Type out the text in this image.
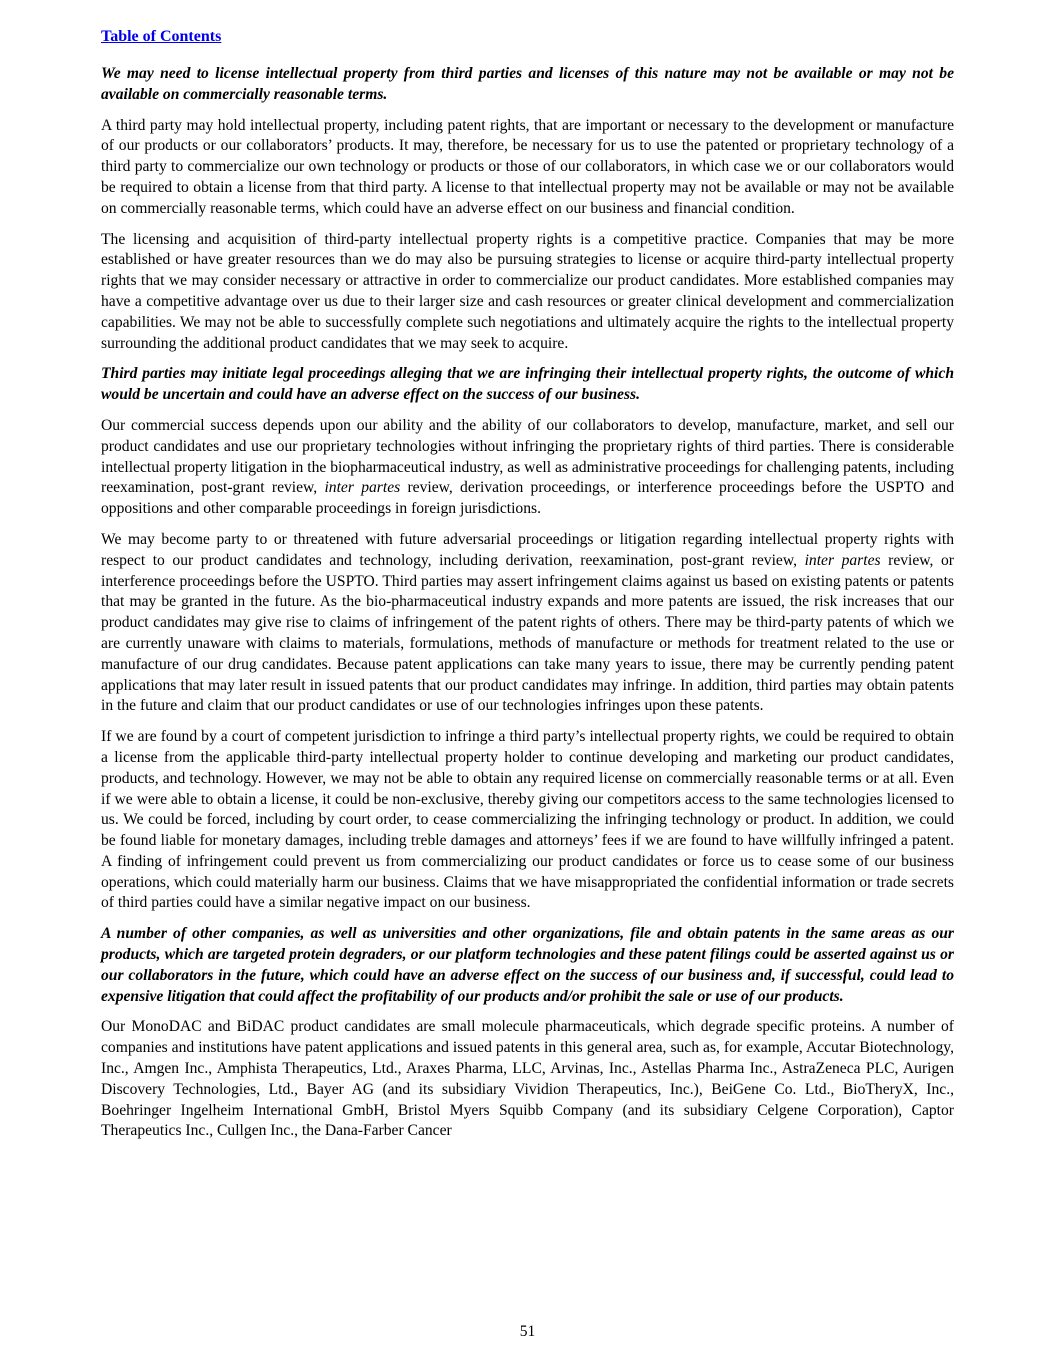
Table of Contents

We may need to license intellectual property from third parties and licenses of this nature may not be available or may not be available on commercially reasonable terms.

A third party may hold intellectual property, including patent rights, that are important or necessary to the development or manufacture of our products or our collaborators’ products. It may, therefore, be necessary for us to use the patented or proprietary technology of a third party to commercialize our own technology or products or those of our collaborators, in which case we or our collaborators would be required to obtain a license from that third party. A license to that intellectual property may not be available or may not be available on commercially reasonable terms, which could have an adverse effect on our business and financial condition.

The licensing and acquisition of third-party intellectual property rights is a competitive practice. Companies that may be more established or have greater resources than we do may also be pursuing strategies to license or acquire third-party intellectual property rights that we may consider necessary or attractive in order to commercialize our product candidates. More established companies may have a competitive advantage over us due to their larger size and cash resources or greater clinical development and commercialization capabilities. We may not be able to successfully complete such negotiations and ultimately acquire the rights to the intellectual property surrounding the additional product candidates that we may seek to acquire.

Third parties may initiate legal proceedings alleging that we are infringing their intellectual property rights, the outcome of which would be uncertain and could have an adverse effect on the success of our business.

Our commercial success depends upon our ability and the ability of our collaborators to develop, manufacture, market, and sell our product candidates and use our proprietary technologies without infringing the proprietary rights of third parties. There is considerable intellectual property litigation in the biopharmaceutical industry, as well as administrative proceedings for challenging patents, including reexamination, post-grant review, inter partes review, derivation proceedings, or interference proceedings before the USPTO and oppositions and other comparable proceedings in foreign jurisdictions.

We may become party to or threatened with future adversarial proceedings or litigation regarding intellectual property rights with respect to our product candidates and technology, including derivation, reexamination, post-grant review, inter partes review, or interference proceedings before the USPTO. Third parties may assert infringement claims against us based on existing patents or patents that may be granted in the future. As the bio-pharmaceutical industry expands and more patents are issued, the risk increases that our product candidates may give rise to claims of infringement of the patent rights of others. There may be third-party patents of which we are currently unaware with claims to materials, formulations, methods of manufacture or methods for treatment related to the use or manufacture of our drug candidates. Because patent applications can take many years to issue, there may be currently pending patent applications that may later result in issued patents that our product candidates may infringe. In addition, third parties may obtain patents in the future and claim that our product candidates or use of our technologies infringes upon these patents.

If we are found by a court of competent jurisdiction to infringe a third party’s intellectual property rights, we could be required to obtain a license from the applicable third-party intellectual property holder to continue developing and marketing our product candidates, products, and technology. However, we may not be able to obtain any required license on commercially reasonable terms or at all. Even if we were able to obtain a license, it could be non-exclusive, thereby giving our competitors access to the same technologies licensed to us. We could be forced, including by court order, to cease commercializing the infringing technology or product. In addition, we could be found liable for monetary damages, including treble damages and attorneys’ fees if we are found to have willfully infringed a patent. A finding of infringement could prevent us from commercializing our product candidates or force us to cease some of our business operations, which could materially harm our business. Claims that we have misappropriated the confidential information or trade secrets of third parties could have a similar negative impact on our business.

A number of other companies, as well as universities and other organizations, file and obtain patents in the same areas as our products, which are targeted protein degraders, or our platform technologies and these patent filings could be asserted against us or our collaborators in the future, which could have an adverse effect on the success of our business and, if successful, could lead to expensive litigation that could affect the profitability of our products and/or prohibit the sale or use of our products.

Our MonoDAC and BiDAC product candidates are small molecule pharmaceuticals, which degrade specific proteins. A number of companies and institutions have patent applications and issued patents in this general area, such as, for example, Accutar Biotechnology, Inc., Amgen Inc., Amphista Therapeutics, Ltd., Araxes Pharma, LLC, Arvinas, Inc., Astellas Pharma Inc., AstraZeneca PLC, Aurigen Discovery Technologies, Ltd., Bayer AG (and its subsidiary Vividion Therapeutics, Inc.), BeiGene Co. Ltd., BioTheryX, Inc., Boehringer Ingelheim International GmbH, Bristol Myers Squibb Company (and its subsidiary Celgene Corporation), Captor Therapeutics Inc., Cullgen Inc., the Dana-Farber Cancer

51
